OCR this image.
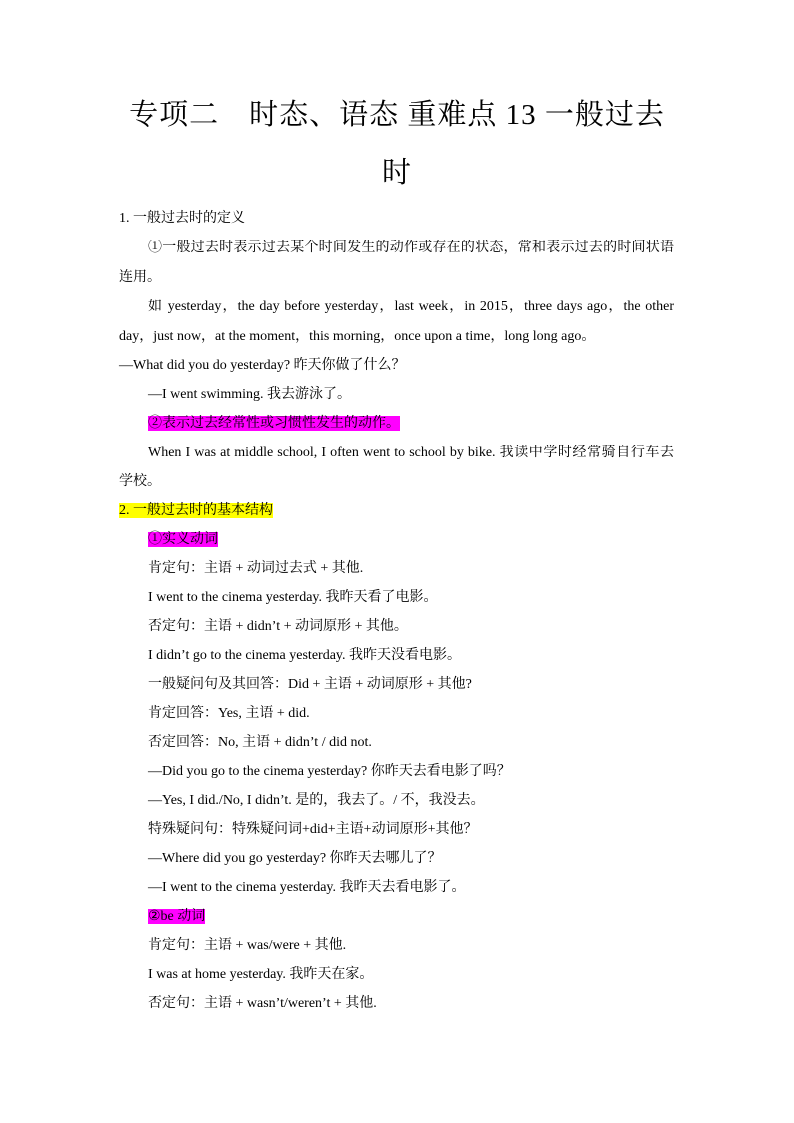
专项二　时态、语态 重难点 13 一般过去
时
1. 一般过去时的定义
①一般过去时表示过去某个时间发生的动作或存在的状态，常和表示过去的时间状语
连用。
如 yesterday，the day before yesterday，last week，in 2015，three days ago，the other
day，just now，at the moment，this morning，once upon a time，long long ago。
—What did you do yesterday? 昨天你做了什么？
—I went swimming. 我去游泳了。
②表示过去经常性或习惯性发生的动作。
When I was at middle school, I often went to school by bike. 我读中学时经常骑自行车去
学校。
2. 一般过去时的基本结构
①实义动词
肯定句：主语 + 动词过去式 + 其他.
I went to the cinema yesterday. 我昨天看了电影。
否定句：主语 + didn’t + 动词原形 + 其他。
I didn’t go to the cinema yesterday. 我昨天没看电影。
一般疑问句及其回答：Did + 主语 + 动词原形 + 其他?
肯定回答：Yes, 主语 + did.
否定回答：No, 主语 + didn’t / did not.
—Did you go to the cinema yesterday? 你昨天去看电影了吗？
—Yes, I did./No, I didn’t. 是的，我去了。/ 不，我没去。
特殊疑问句：特殊疑问词+did+主语+动词原形+其他？
—Where did you go yesterday? 你昨天去哪儿了？
—I went to the cinema yesterday. 我昨天去看电影了。
②be 动词
肯定句：主语 + was/were + 其他.
I was at home yesterday. 我昨天在家。
否定句：主语 + wasn’t/weren’t + 其他.
